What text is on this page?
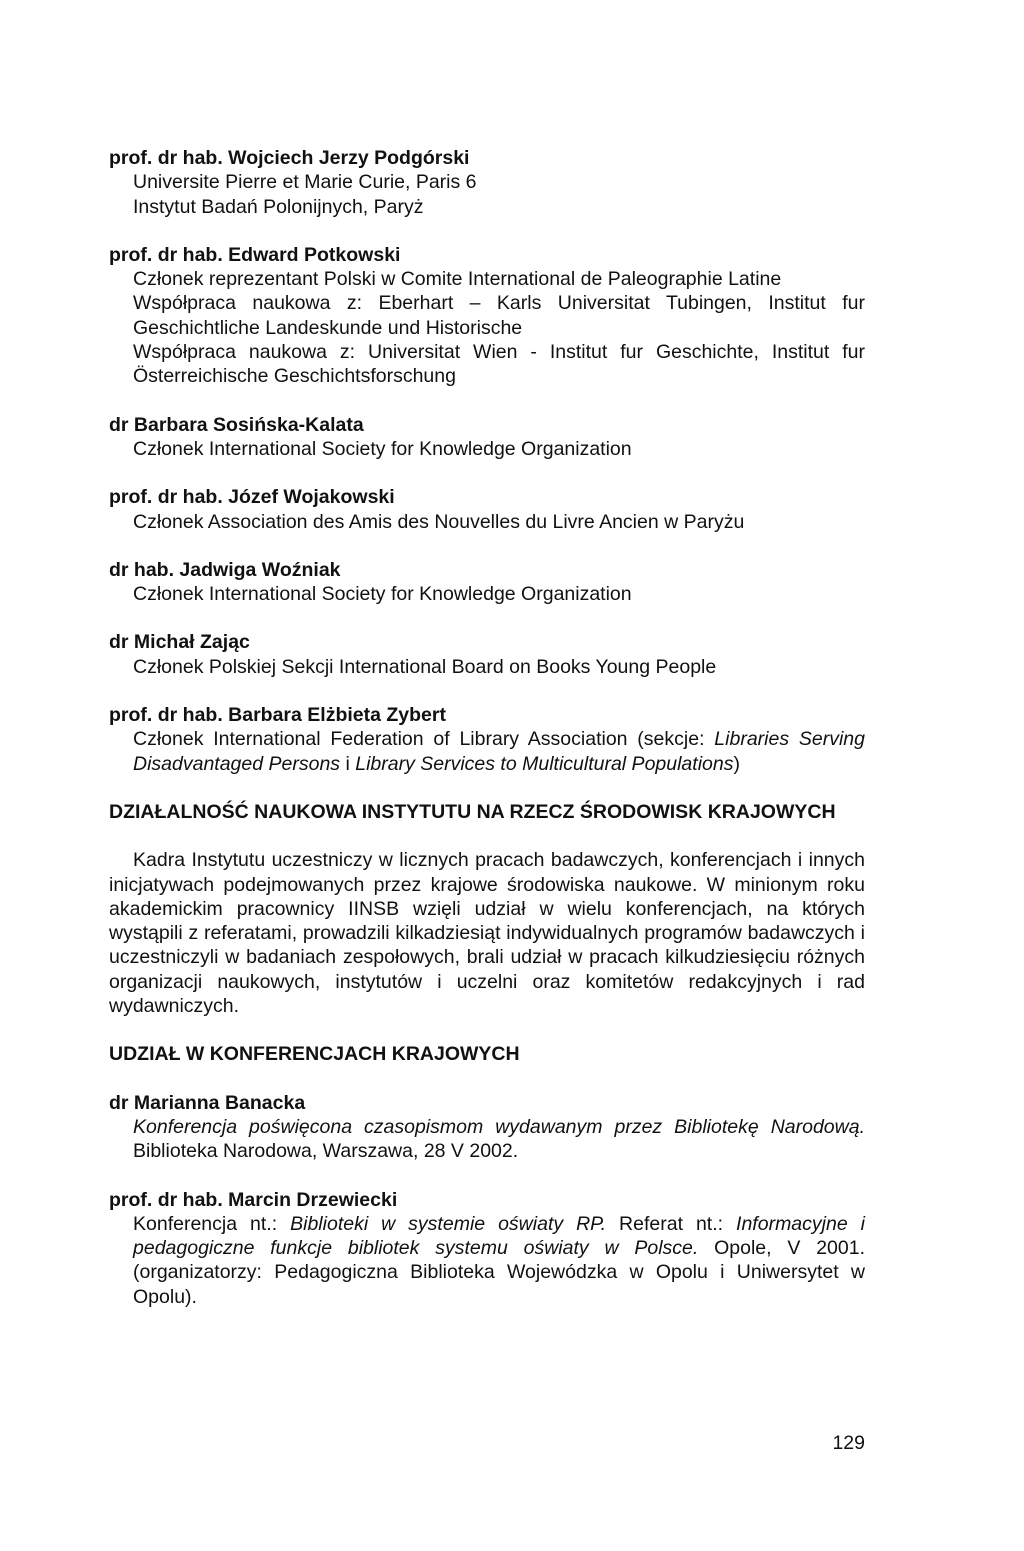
prof. dr hab. Wojciech Jerzy Podgórski
Universite Pierre et Marie Curie, Paris 6
Instytut Badań Polonijnych, Paryż
prof. dr hab. Edward Potkowski
Członek reprezentant Polski w Comite International de Paleographie Latine
Współpraca naukowa z: Eberhart – Karls Universitat Tubingen, Institut fur Geschichtliche Landeskunde und Historische
Współpraca naukowa z: Universitat Wien - Institut fur Geschichte, Institut fur Österreichische Geschichtsforschung
dr Barbara Sosińska-Kalata
Członek International Society for Knowledge Organization
prof. dr hab. Józef Wojakowski
Członek Association des Amis des Nouvelles du Livre Ancien w Paryżu
dr hab. Jadwiga Woźniak
Członek International Society for Knowledge Organization
dr Michał Zając
Członek Polskiej Sekcji International Board on Books Young People
prof. dr hab. Barbara Elżbieta Zybert
Członek International Federation of Library Association (sekcje: Libraries Serving Disadvantaged Persons i Library Services to Multicultural Populations)
DZIAŁALNOŚĆ NAUKOWA INSTYTUTU NA RZECZ ŚRODOWISK KRAJOWYCH
Kadra Instytutu uczestniczy w licznych pracach badawczych, konferencjach i innych inicjatywach podejmowanych przez krajowe środowiska naukowe. W minionym roku akademickim pracownicy IINSB wzięli udział w wielu konferencjach, na których wystąpili z referatami, prowadzili kilkadziesiąt indywidualnych programów badawczych i uczestniczyli w badaniach zespołowych, brali udział w pracach kilkudziesięciu różnych organizacji naukowych, instytutów i uczelni oraz komitetów redakcyjnych i rad wydawniczych.
UDZIAŁ W KONFERENCJACH KRAJOWYCH
dr Marianna Banacka
Konferencja poświęcona czasopismom wydawanym przez Bibliotekę Narodową. Biblioteka Narodowa, Warszawa, 28 V 2002.
prof. dr hab. Marcin Drzewiecki
Konferencja nt.: Biblioteki w systemie oświaty RP. Referat nt.: Informacyjne i pedagogiczne funkcje bibliotek systemu oświaty w Polsce. Opole, V 2001. (organizatorzy: Pedagogiczna Biblioteka Wojewódzka w Opolu i Uniwersytet w Opolu).
129
